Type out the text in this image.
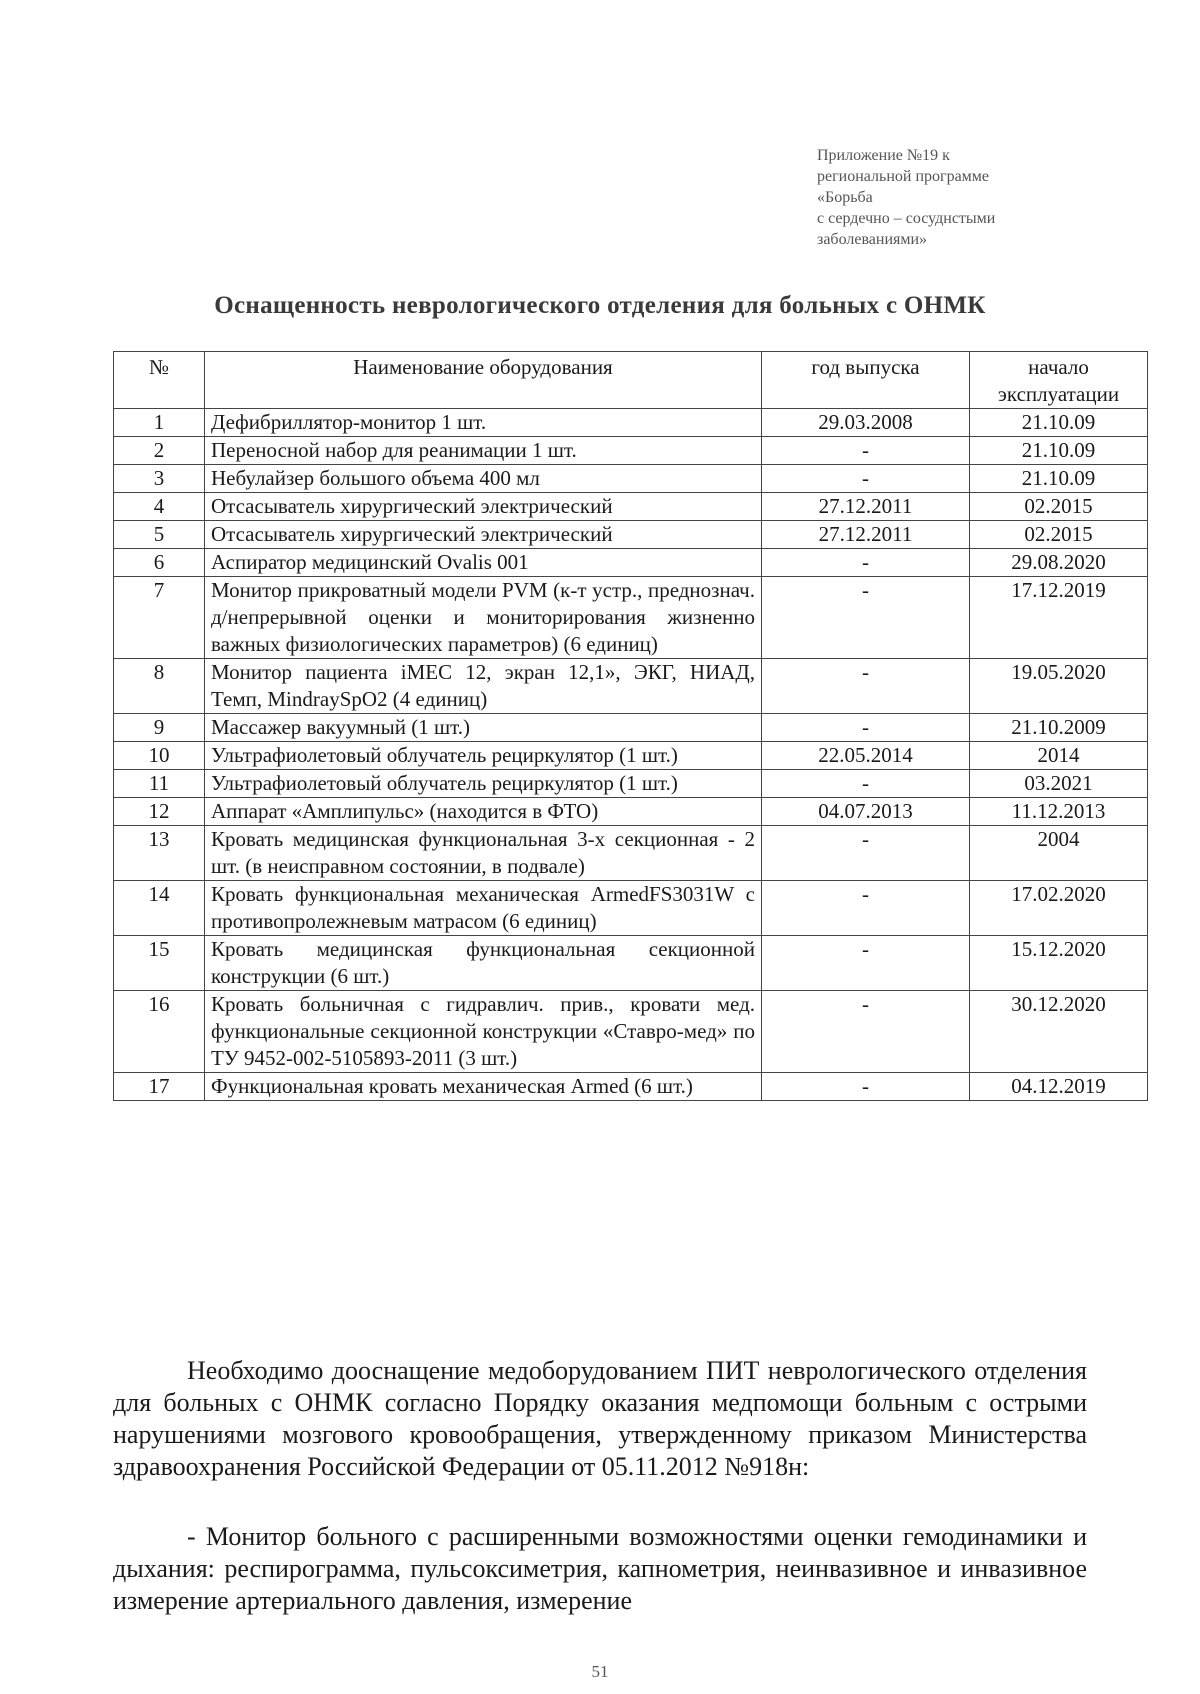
Приложение №19 к
региональной программе
«Борьба
с сердечно – сосуднстыми
заболеваниями»
Оснащенность неврологического отделения для больных с ОНМК
№	Наименование оборудования	год выпуска	начало эксплуатации
1	Дефибриллятор-монитор 1 шт.	29.03.2008	21.10.09
2	Переносной набор для реанимации 1 шт.	-	21.10.09
3	Небулайзер большого объема 400 мл	-	21.10.09
4	Отсасыватель хирургический электрический	27.12.2011	02.2015
5	Отсасыватель хирургический электрический	27.12.2011	02.2015
6	Аспиратор медицинский Ovalis 001	-	29.08.2020
7	Монитор прикроватный модели PVM (к-т устр., преднознач. д/непрерывной оценки и мониторирования жизненно важных физиологических параметров) (6 единиц)	-	17.12.2019
8	Монитор пациента iMEC 12, экран 12,1», ЭКГ, НИАД, Темп, MindraySpO2 (4 единиц)	-	19.05.2020
9	Массажер вакуумный (1 шт.)	-	21.10.2009
10	Ультрафиолетовый облучатель рециркулятор (1 шт.)	22.05.2014	2014
11	Ультрафиолетовый облучатель рециркулятор (1 шт.)	-	03.2021
12	Аппарат «Амплипульс» (находится в ФТО)	04.07.2013	11.12.2013
13	Кровать медицинская функциональная 3-х секционная - 2 шт. (в неисправном состоянии, в подвале)	-	2004
14	Кровать функциональная механическая ArmedFS3031W с противопролежневым матрасом (6 единиц)	-	17.02.2020
15	Кровать медицинская функциональная секционной конструкции (6 шт.)	-	15.12.2020
16	Кровать больничная с гидравлич. прив., кровати мед. функциональные секционной конструкции «Ставро-мед» по ТУ 9452-002-5105893-2011 (3 шт.)	-	30.12.2020
17	Функциональная кровать механическая Armed (6 шт.)	-	04.12.2019
Необходимо дооснащение медоборудованием ПИТ неврологического отделения для больных с ОНМК согласно Порядку оказания медпомощи больным с острыми нарушениями мозгового кровообращения, утвержденному приказом Министерства здравоохранения Российской Федерации от 05.11.2012 №918н:
- Монитор больного с расширенными возможностями оценки гемодинамики и дыхания: респирограмма, пульсоксиметрия, капнометрия, неинвазивное и инвазивное измерение артериального давления, измерение
51
